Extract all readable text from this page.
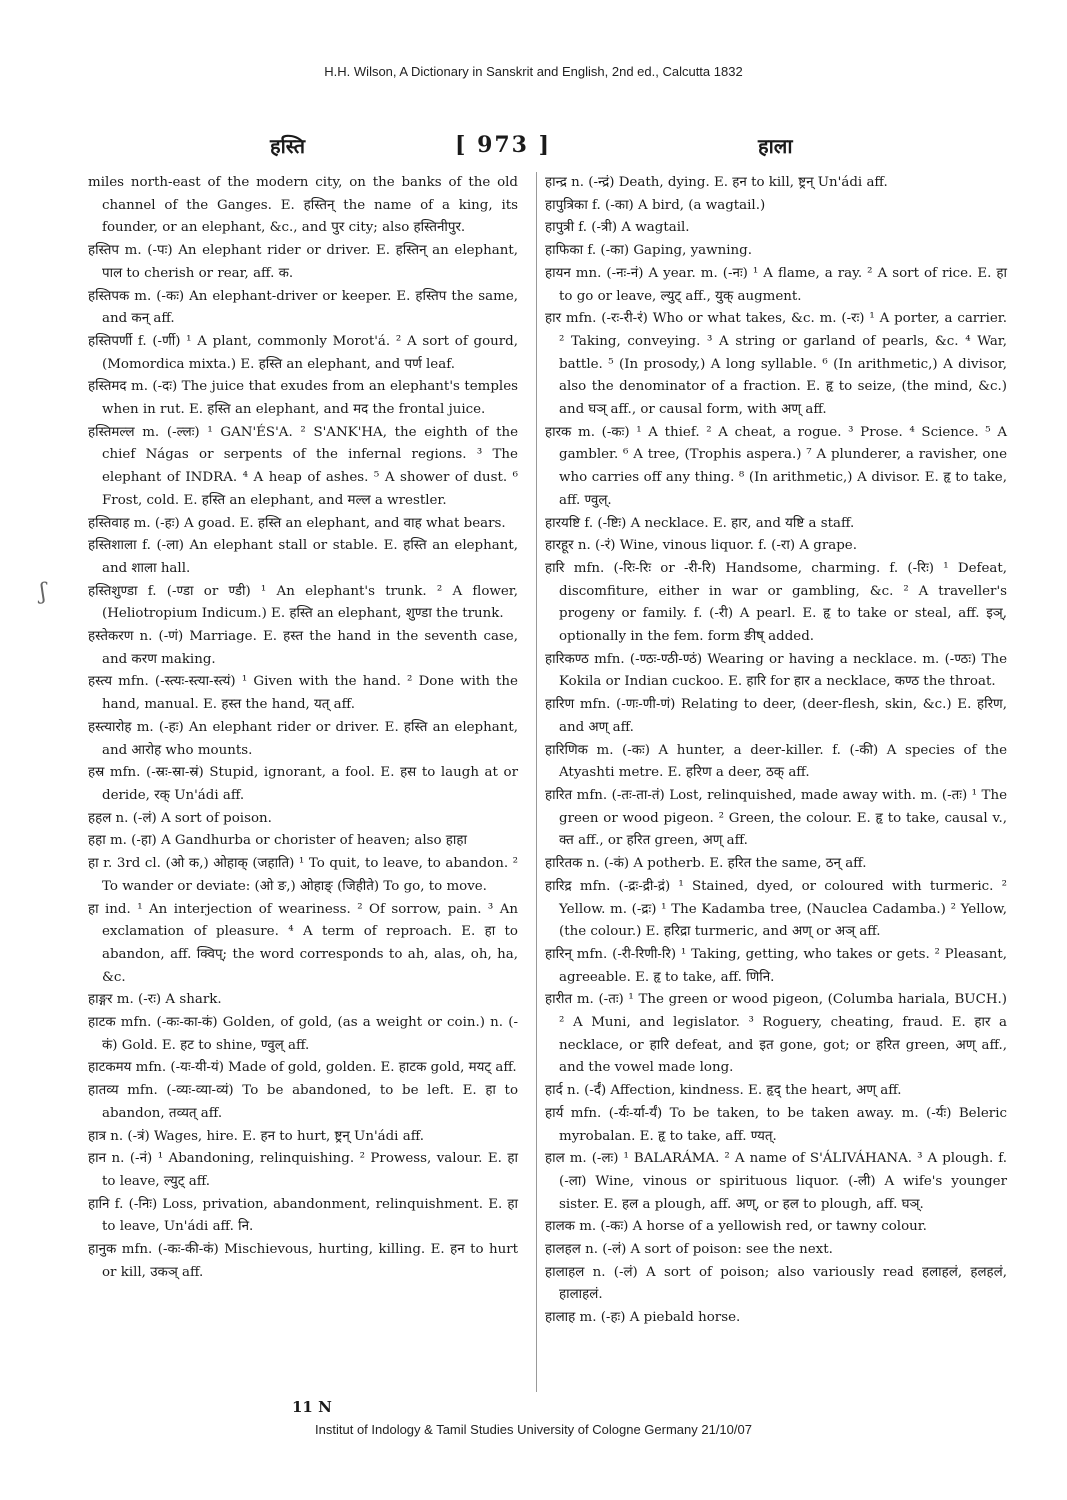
H.H. Wilson, A Dictionary in Sanskrit and English, 2nd ed., Calcutta 1832
हस्ति	[ 973 ]	हाला
ʃ

miles north-east of the modern city, on the banks of the old channel of the Ganges. E. हस्तिन् the name of a king, its founder, or an elephant, &c., and पुर city; also हस्तिनीपुर.

हस्तिप m. (-पः) An elephant rider or driver. E. हस्तिन् an elephant, पाल to cherish or rear, aff. क.

हस्तिपक m. (-कः) An elephant-driver or keeper. E. हस्तिप the same, and कन् aff.

हस्तिपर्णी f. (-र्णी) ¹ A plant, commonly Morot'á. ² A sort of gourd, (Momordica mixta.) E. हस्ति an elephant, and पर्ण leaf.

हस्तिमद m. (-दः) The juice that exudes from an elephant's temples when in rut. E. हस्ति an elephant, and मद the frontal juice.

हस्तिमल्ल m. (-ल्लः) ¹ GAN'ÉS'A. ² S'ANK'HA, the eighth of the chief Nágas or serpents of the infernal regions. ³ The elephant of INDRA. ⁴ A heap of ashes. ⁵ A shower of dust. ⁶ Frost, cold. E. हस्ति an elephant, and मल्ल a wrestler.

हस्तिवाह m. (-हः) A goad. E. हस्ति an elephant, and वाह what bears.

हस्तिशाला f. (-ला) An elephant stall or stable. E. हस्ति an elephant, and शाला hall.

हस्तिशुण्डा f. (-ण्डा or ण्डी) ¹ An elephant's trunk. ² A flower, (Heliotropium Indicum.) E. हस्ति an elephant, शुण्डा the trunk.

हस्तेकरण n. (-णं) Marriage. E. हस्त the hand in the seventh case, and करण making.

हस्त्य mfn. (-स्त्यः-स्त्या-स्त्यं) ¹ Given with the hand. ² Done with the hand, manual. E. हस्त the hand, यत् aff.

हस्त्यारोह m. (-हः) An elephant rider or driver. E. हस्ति an elephant, and आरोह who mounts.

हस्र mfn. (-स्रः-स्रा-स्रं) Stupid, ignorant, a fool. E. हस to laugh at or deride, रक् Un'ádi aff.

हहल n. (-लं) A sort of poison.

हहा m. (-हा) A Gandhurba or chorister of heaven; also हाहा

हा r. 3rd cl. (ओ क,) ओहाक् (जहाति) ¹ To quit, to leave, to abandon. ² To wander or deviate: (ओ ङ,) ओहाङ् (जिहीते) To go, to move.

हा ind. ¹ An interjection of weariness. ² Of sorrow, pain. ³ An exclamation of pleasure. ⁴ A term of reproach. E. हा to abandon, aff. क्विप्; the word corresponds to ah, alas, oh, ha, &c.

हाङ्गर m. (-रः) A shark.

हाटक mfn. (-कः-का-कं) Golden, of gold, (as a weight or coin.) n. (-कं) Gold. E. हट to shine, ण्वुल् aff.

हाटकमय mfn. (-यः-यी-यं) Made of gold, golden. E. हाटक gold, मयट् aff.

हातव्य mfn. (-व्यः-व्या-व्यं) To be abandoned, to be left. E. हा to abandon, तव्यत् aff.

हात्र n. (-त्रं) Wages, hire. E. हन to hurt, ष्ट्रन् Un'ádi aff.

हान n. (-नं) ¹ Abandoning, relinquishing. ² Prowess, valour. E. हा to leave, ल्युट् aff.

हानि f. (-निः) Loss, privation, abandonment, relinquishment. E. हा to leave, Un'ádi aff. नि.

हानुक mfn. (-कः-की-कं) Mischievous, hurting, killing. E. हन to hurt or kill, उकञ् aff.

हान्द्र n. (-न्द्रं) Death, dying. E. हन to kill, ष्ट्रन् Un'ádi aff.

हापुत्रिका f. (-का) A bird, (a wagtail.)

हापुत्री f. (-त्री) A wagtail.

हाफिका f. (-का) Gaping, yawning.

हायन mn. (-नः-नं) A year. m. (-नः) ¹ A flame, a ray. ² A sort of rice. E. हा to go or leave, ल्युट् aff., युक् augment.

हार mfn. (-रः-री-रं) Who or what takes, &c. m. (-रः) ¹ A porter, a carrier. ² Taking, conveying. ³ A string or garland of pearls, &c. ⁴ War, battle. ⁵ (In prosody,) A long syllable. ⁶ (In arithmetic,) A divisor, also the denominator of a fraction. E. हृ to seize, (the mind, &c.) and घञ् aff., or causal form, with अण् aff.

हारक m. (-कः) ¹ A thief. ² A cheat, a rogue. ³ Prose. ⁴ Science. ⁵ A gambler. ⁶ A tree, (Trophis aspera.) ⁷ A plunderer, a ravisher, one who carries off any thing. ⁸ (In arithmetic,) A divisor. E. हृ to take, aff. ण्वुल्.

हारयष्टि f. (-ष्टिः) A necklace. E. हार, and यष्टि a staff.

हारहूर n. (-रं) Wine, vinous liquor. f. (-रा) A grape.

हारि mfn. (-रिः-रिः or -री-रि) Handsome, charming. f. (-रिः) ¹ Defeat, discomfiture, either in war or gambling, &c. ² A traveller's progeny or family. f. (-री) A pearl. E. हृ to take or steal, aff. इञ्, optionally in the fem. form ङीष् added.

हारिकण्ठ mfn. (-ण्ठः-ण्ठी-ण्ठं) Wearing or having a necklace. m. (-ण्ठः) The Kokila or Indian cuckoo. E. हारि for हार a necklace, कण्ठ the throat.

हारिण mfn. (-णः-णी-णं) Relating to deer, (deer-flesh, skin, &c.) E. हरिण, and अण् aff.

हारिणिक m. (-कः) A hunter, a deer-killer. f. (-की) A species of the Atyashti metre. E. हरिण a deer, ठक् aff.

हारित mfn. (-तः-ता-तं) Lost, relinquished, made away with. m. (-तः) ¹ The green or wood pigeon. ² Green, the colour. E. हृ to take, causal v., क्त aff., or हरित green, अण् aff.

हारितक n. (-कं) A potherb. E. हरित the same, ठन् aff.

हारिद्र mfn. (-द्रः-द्री-द्रं) ¹ Stained, dyed, or coloured with turmeric. ² Yellow. m. (-द्रः) ¹ The Kadamba tree, (Nauclea Cadamba.) ² Yellow, (the colour.) E. हरिद्रा turmeric, and अण् or अञ् aff.

हारिन् mfn. (-री-रिणी-रि) ¹ Taking, getting, who takes or gets. ² Pleasant, agreeable. E. हृ to take, aff. णिनि.

हारीत m. (-तः) ¹ The green or wood pigeon, (Columba hariala, BUCH.) ² A Muni, and legislator. ³ Roguery, cheating, fraud. E. हार a necklace, or हारि defeat, and इत gone, got; or हरित green, अण् aff., and the vowel made long.

हार्द n. (-र्दं) Affection, kindness. E. हृद् the heart, अण् aff.

हार्य mfn. (-र्यः-र्या-र्यं) To be taken, to be taken away. m. (-र्यः) Beleric myrobalan. E. हृ to take, aff. ण्यत्.

हाल m. (-लः) ¹ BALARÁMA. ² A name of S'ÁLIVÁHANA. ³ A plough. f. (-ला) Wine, vinous or spirituous liquor. (-ली) A wife's younger sister. E. हल a plough, aff. अण्, or हल to plough, aff. घञ्.

हालक m. (-कः) A horse of a yellowish red, or tawny colour.

हालहल n. (-लं) A sort of poison: see the next.

हालाहल n. (-लं) A sort of poison; also variously read हलाहलं, हलहलं, हालाहलं.

हालाह m. (-हः) A piebald horse.

11 N
Institut of Indology & Tamil Studies University of Cologne Germany 21/10/07
